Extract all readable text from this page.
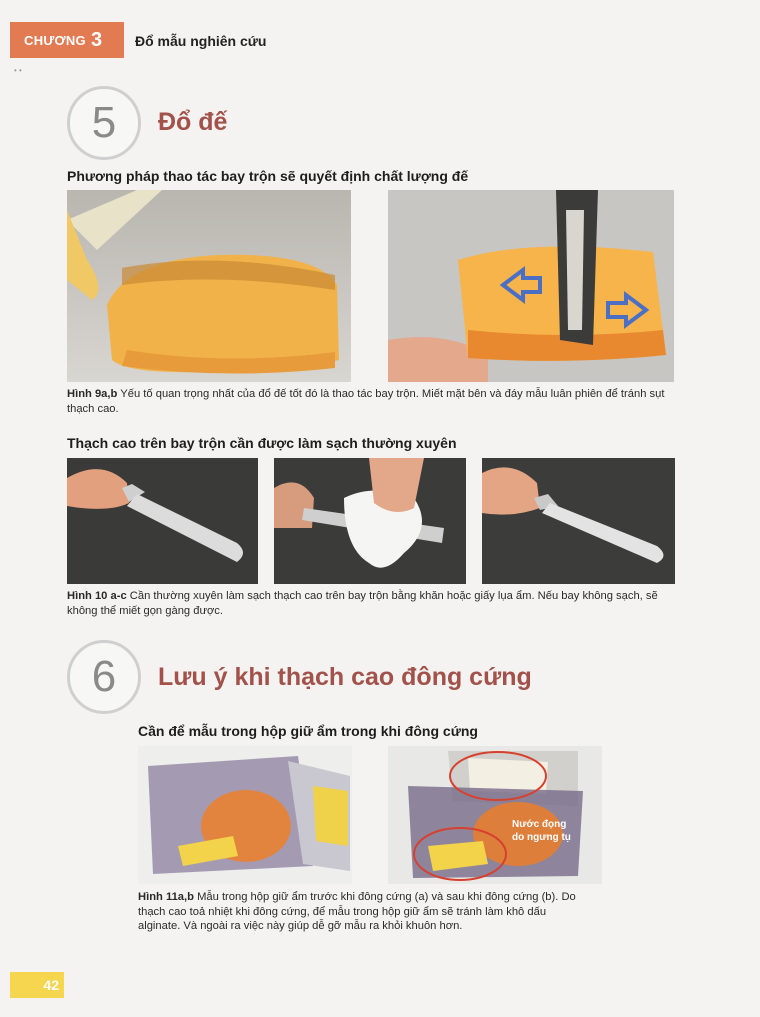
CHƯƠNG 3 Đổ mẫu nghiên cứu
• •
5 Đổ đế
Phương pháp thao tác bay trộn sẽ quyết định chất lượng đế
Hình 9a,b Yếu tố quan trọng nhất của đổ đế tốt đó là thao tác bay trộn. Miết mặt bên và đáy mẫu luân phiên để tránh sụt thạch cao.
Thạch cao trên bay trộn cần được làm sạch thường xuyên
Hình 10 a-c Cần thường xuyên làm sạch thạch cao trên bay trộn bằng khăn hoặc giấy lụa ẩm. Nếu bay không sạch, sẽ không thể miết gọn gàng được.
6 Lưu ý khi thạch cao đông cứng
Cần để mẫu trong hộp giữ ẩm trong khi đông cứng
Nước đọng
do ngưng tụ
Hình 11a,b Mẫu trong hộp giữ ẩm trước khi đông cứng (a) và sau khi đông cứng (b). Do thạch cao toả nhiệt khi đông cứng, để mẫu trong hộp giữ ẩm sẽ tránh làm khô dấu alginate. Và ngoài ra việc này giúp dễ gỡ mẫu ra khỏi khuôn hơn.
42
